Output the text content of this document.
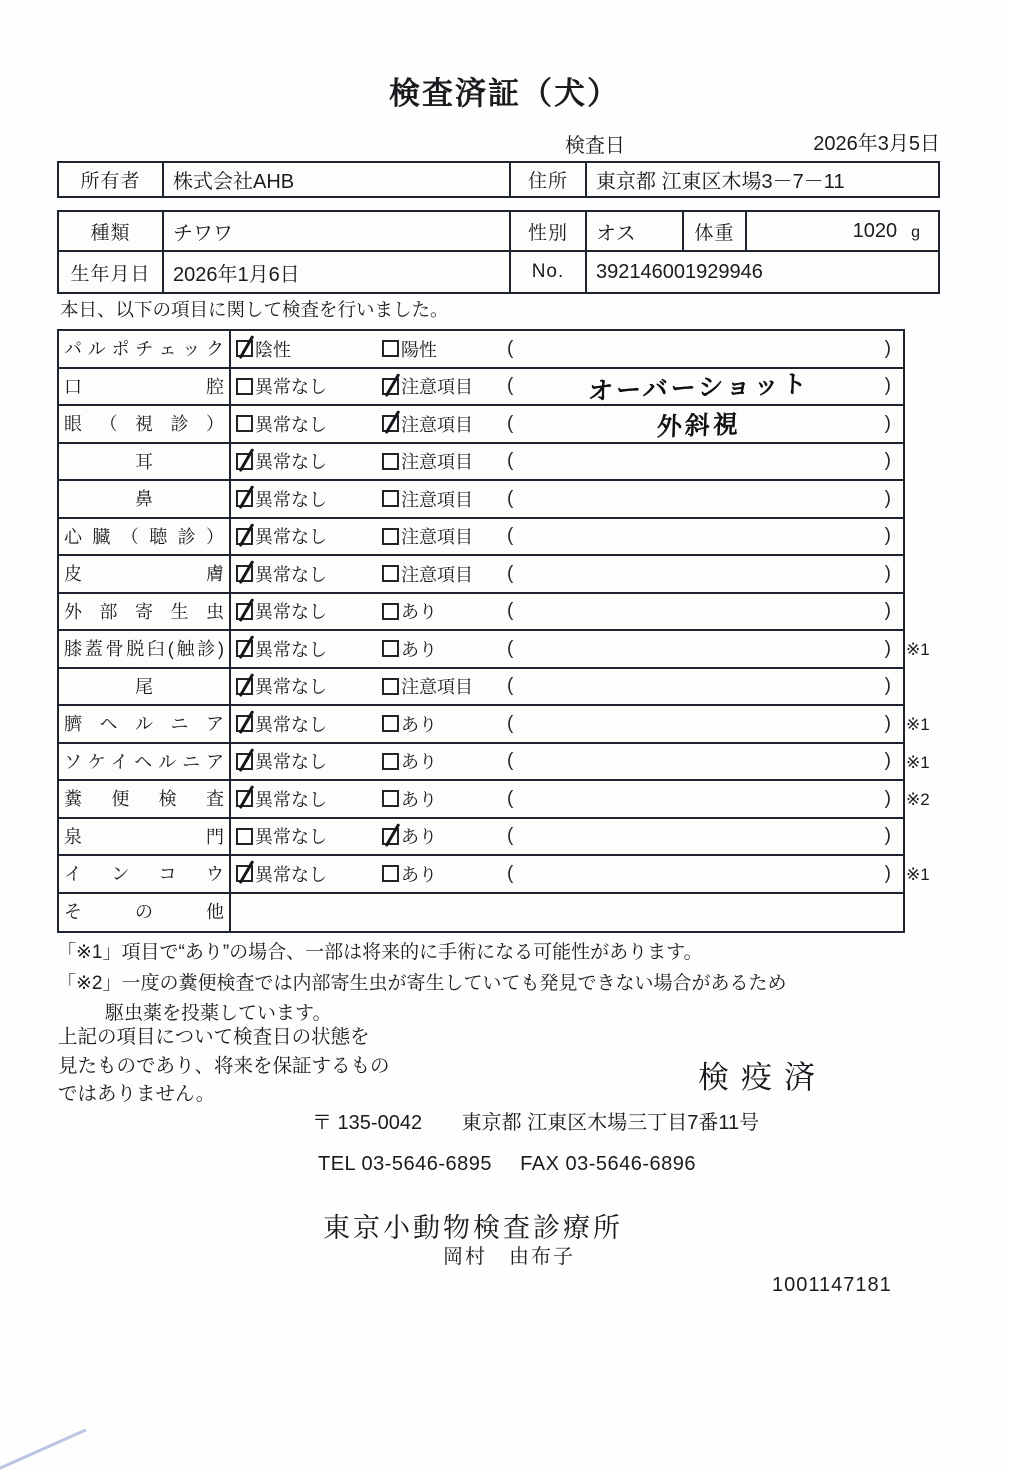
検査済証（犬）
検査日	2026年3月5日
所有者	株式会社AHB	住所	東京都 江東区木場3－7－11
種類	チワワ	性別	オス	体重	1020 g
生年月日	2026年1月6日	No.	392146001929946
本日、以下の項目に関して検査を行いました。
パルポチェック	陰性	陽性	(	)
口腔	異常なし	注意項目 (	オーバーショット	)
眼（視診）	異常なし	注意項目 (	外斜視	)
耳	異常なし	注意項目 (	)
鼻	異常なし	注意項目 (	)
心臓（聴診）	異常なし	注意項目 (	)
皮膚	異常なし	注意項目 (	)
外部寄生虫	異常なし	あり	(	)
膝蓋骨脱臼(触診)	異常なし	あり	(	) ※1
尾	異常なし	注意項目 (	)
臍ヘルニア	異常なし	あり	(	) ※1
ソケイヘルニア	異常なし	あり	(	) ※1
糞便検査	異常なし	あり	(	) ※2
泉門	異常なし	あり	(	)
インコウ	異常なし	あり	(	) ※1
その他
「※1」項目で“あり”の場合、一部は将来的に手術になる可能性があります。
「※2」一度の糞便検査では内部寄生虫が寄生していても発見できない場合があるため
駆虫薬を投薬しています。
上記の項目について検査日の状態を
見たものであり、将来を保証するもの
ではありません。	検疫済
〒 135-0042 東京都 江東区木場三丁目7番11号
TEL 03-5646-6895 FAX 03-5646-6896
東京小動物検査診療所
岡村　由布子
1001147181
